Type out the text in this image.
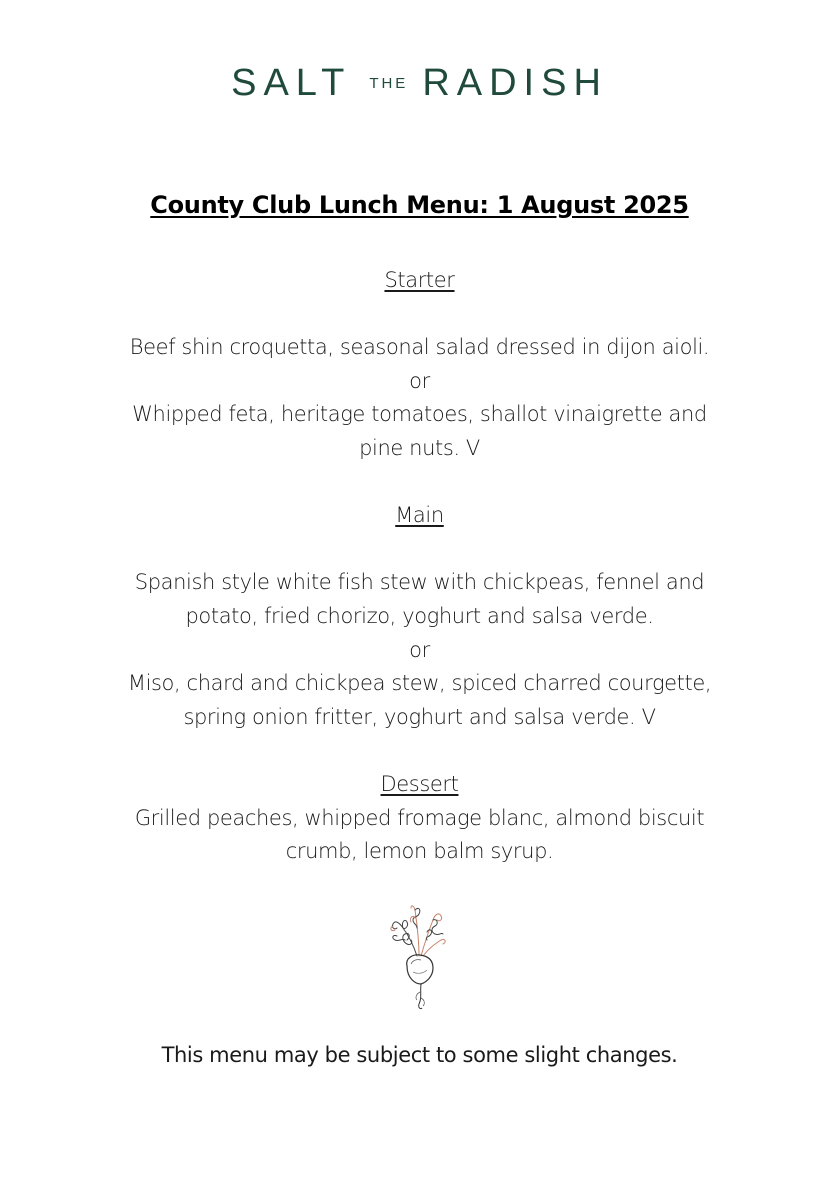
SALT THE RADISH
County Club Lunch Menu: 1 August 2025

Starter

Beef shin croquetta, seasonal salad dressed in dijon aioli.

or

Whipped feta, heritage tomatoes, shallot vinaigrette and

pine nuts. V

Main

Spanish style white fish stew with chickpeas, fennel and

potato, fried chorizo, yoghurt and salsa verde.

or

Miso, chard and chickpea stew, spiced charred courgette,

spring onion fritter, yoghurt and salsa verde. V

Dessert

Grilled peaches, whipped fromage blanc, almond biscuit

crumb, lemon balm syrup.

This menu may be subject to some slight changes.
